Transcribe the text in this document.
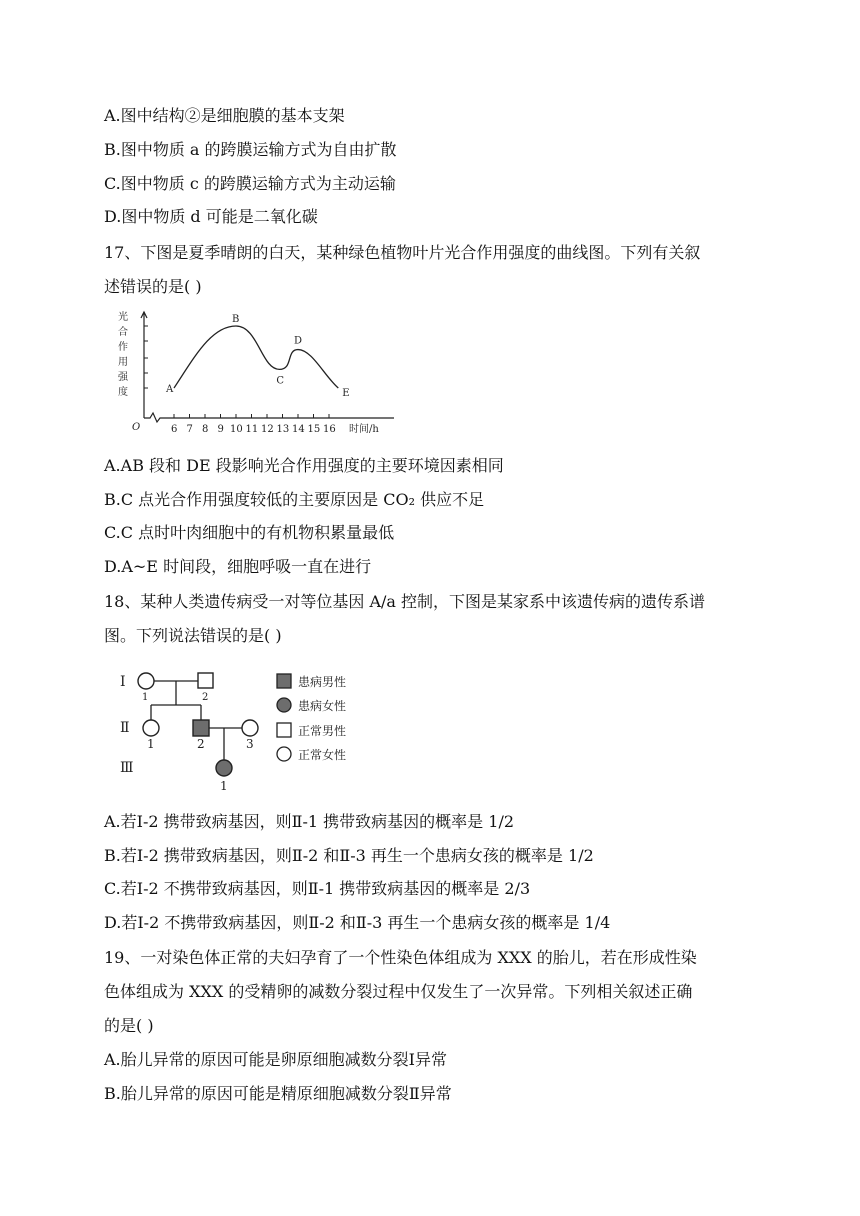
A.图中结构②是细胞膜的基本支架
B.图中物质 a 的跨膜运输方式为自由扩散
C.图中物质 c 的跨膜运输方式为主动运输
D.图中物质 d 可能是二氧化碳
17、下图是夏季晴朗的白天，某种绿色植物叶片光合作用强度的曲线图。下列有关叙
述错误的是( )
光
合
作
用
强
度
O	6 7 8 9 10 11 12 13 14 15 16 时间/h
A
B
C
D
E
A.AB 段和 DE 段影响光合作用强度的主要环境因素相同
B.C 点光合作用强度较低的主要原因是 CO₂ 供应不足
C.C 点时叶肉细胞中的有机物积累量最低
D.A~E 时间段，细胞呼吸一直在进行
18、某种人类遗传病受一对等位基因 A/a 控制，下图是某家系中该遗传病的遗传系谱
图。下列说法错误的是( )
Ⅰ
Ⅱ
Ⅲ
1	2
1	2	3
1
患病男性
患病女性
正常男性
正常女性
A.若Ⅰ-2 携带致病基因，则Ⅱ-1 携带致病基因的概率是 1/2
B.若Ⅰ-2 携带致病基因，则Ⅱ-2 和Ⅱ-3 再生一个患病女孩的概率是 1/2
C.若Ⅰ-2 不携带致病基因，则Ⅱ-1 携带致病基因的概率是 2/3
D.若Ⅰ-2 不携带致病基因，则Ⅱ-2 和Ⅱ-3 再生一个患病女孩的概率是 1/4
19、一对染色体正常的夫妇孕育了一个性染色体组成为 XXX 的胎儿，若在形成性染
色体组成为 XXX 的受精卵的减数分裂过程中仅发生了一次异常。下列相关叙述正确
的是( )
A.胎儿异常的原因可能是卵原细胞减数分裂Ⅰ异常
B.胎儿异常的原因可能是精原细胞减数分裂Ⅱ异常
